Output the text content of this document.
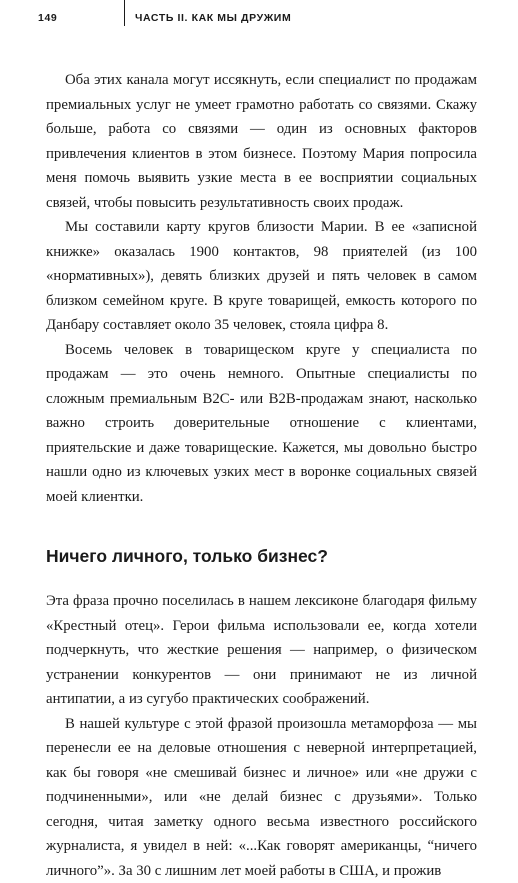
149	ЧАСТЬ II. КАК МЫ ДРУЖИМ

Оба этих канала могут иссякнуть, если специалист по продажам премиальных услуг не умеет грамотно работать со связями. Скажу больше, работа со связями — один из основных факторов привлечения клиентов в этом бизнесе. Поэтому Мария попросила меня помочь выявить узкие места в ее восприятии социальных связей, чтобы повысить результативность своих продаж.

Мы составили карту кругов близости Марии. В ее «записной книжке» оказалась 1900 контактов, 98 приятелей (из 100 «нормативных»), девять близких друзей и пять человек в самом близком семейном круге. В круге товарищей, емкость которого по Данбару составляет около 35 человек, стояла цифра 8.

Восемь человек в товарищеском круге у специалиста по продажам — это очень немного. Опытные специалисты по сложным премиальным B2C- или B2B-продажам знают, насколько важно строить доверительные отношение с клиентами, приятельские и даже товарищеские. Кажется, мы довольно быстро нашли одно из ключевых узких мест в воронке социальных связей моей клиентки.

Ничего личного, только бизнес?

Эта фраза прочно поселилась в нашем лексиконе благодаря фильму «Крестный отец». Герои фильма использовали ее, когда хотели подчеркнуть, что жесткие решения — например, о физическом устранении конкурентов — они принимают не из личной антипатии, а из сугубо практических соображений.

В нашей культуре с этой фразой произошла метаморфоза — мы перенесли ее на деловые отношения с неверной интерпретацией, как бы говоря «не смешивай бизнес и личное» или «не дружи с подчиненными», или «не делай бизнес с друзьями». Только сегодня, читая заметку одного весьма известного российского журналиста, я увидел в ней: «...Как говорят американцы, “ничего личного”». За 30 с лишним лет моей работы в США, и прожив
